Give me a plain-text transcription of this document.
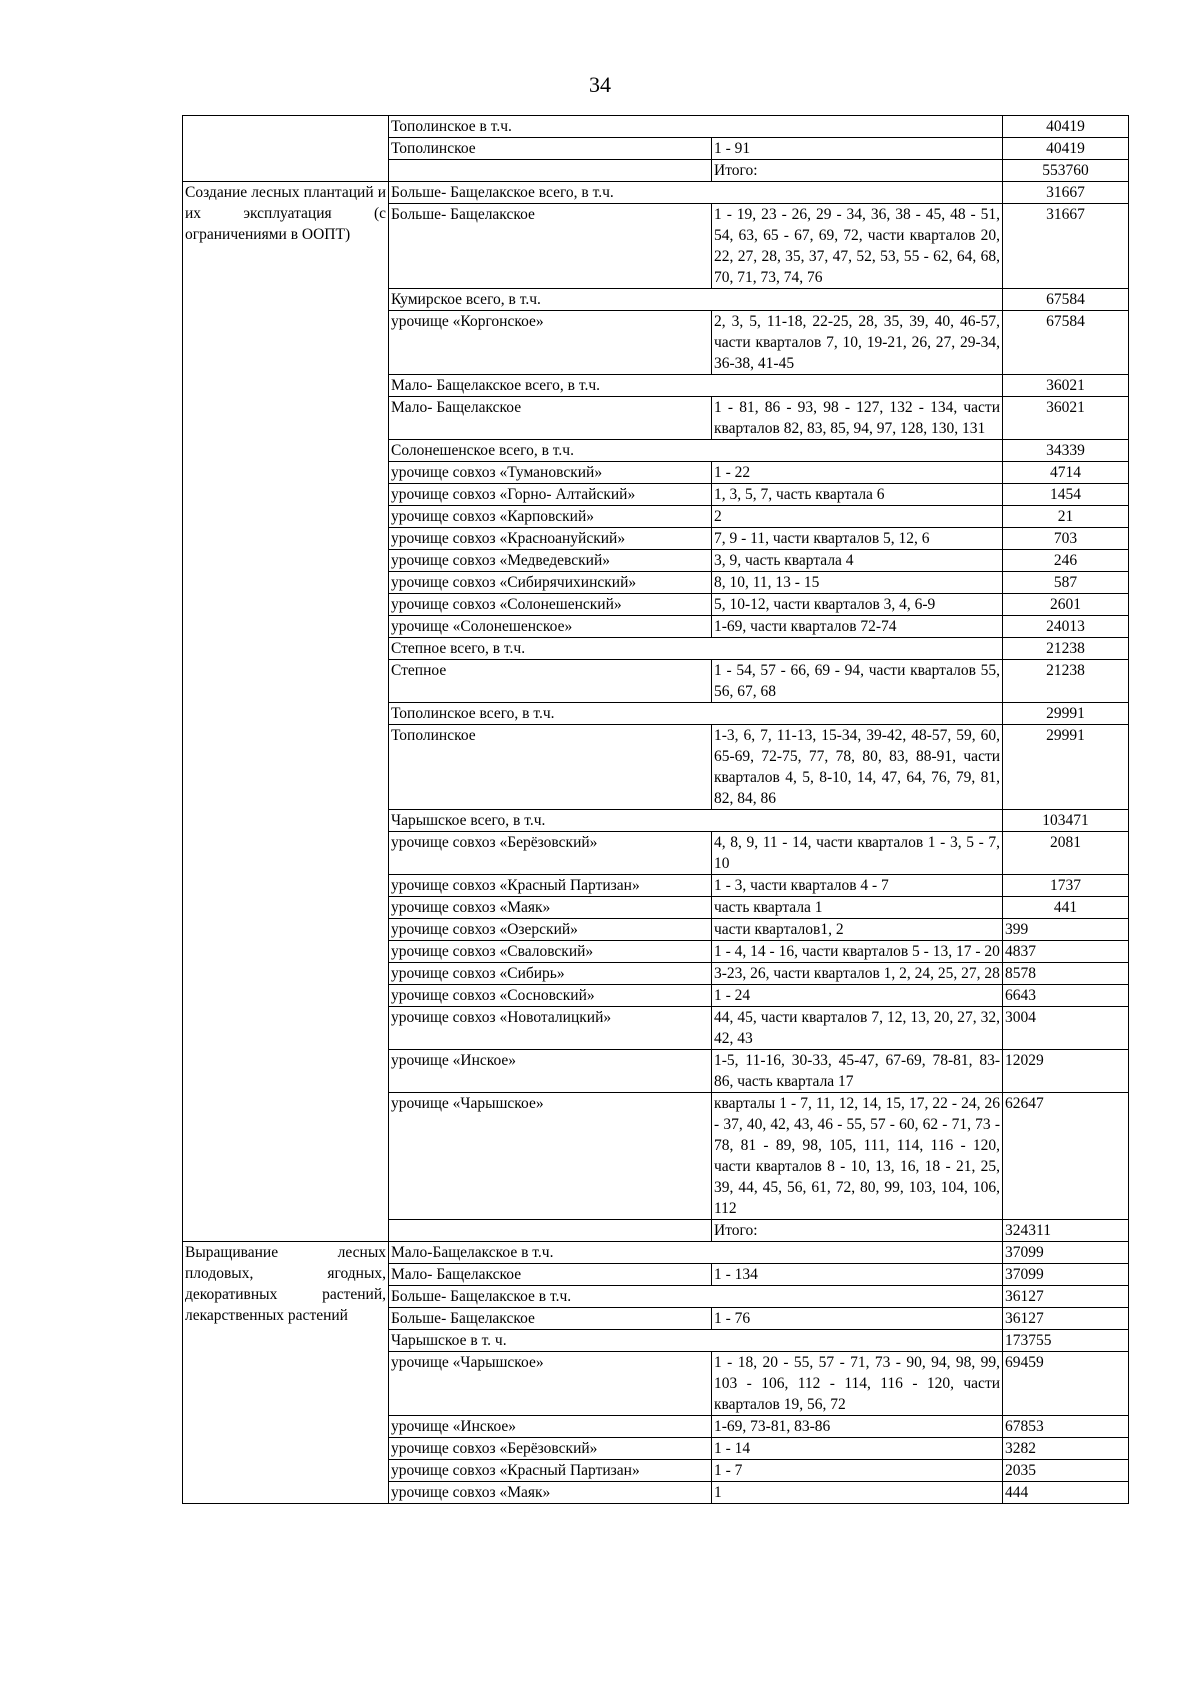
34
	Тополинское в т.ч.		40419
	Тополинское	1 - 91	40419
		Итого:	553760
Создание лесных плантаций и их эксплуатация (с ограничениями в ООПТ)	Больше- Бащелакское всего, в т.ч.		31667
	Больше- Бащелакское	1 - 19, 23 - 26, 29 - 34, 36, 38 - 45, 48 - 51, 54, 63, 65 - 67, 69, 72, части кварталов 20, 22, 27, 28, 35, 37, 47, 52, 53, 55 - 62, 64, 68, 70, 71, 73, 74, 76	31667
	Кумирское всего, в т.ч.		67584
	урочище «Коргонское»	2, 3, 5, 11-18, 22-25, 28, 35, 39, 40, 46-57, части кварталов 7, 10, 19-21, 26, 27, 29-34, 36-38, 41-45	67584
	Мало- Бащелакское всего, в т.ч.		36021
	Мало- Бащелакское	1 - 81, 86 - 93, 98 - 127, 132 - 134, части кварталов 82, 83, 85, 94, 97, 128, 130, 131	36021
	Солонешенское всего, в т.ч.		34339
	урочище совхоз «Тумановский»	1 - 22	4714
	урочище совхоз «Горно- Алтайский»	1, 3, 5, 7, часть квартала 6	1454
	урочище совхоз «Карповский»	2	21
	урочище совхоз «Красноануйский»	7, 9 - 11, части кварталов 5, 12, 6	703
	урочище совхоз «Медведевский»	3, 9, часть квартала 4	246
	урочище совхоз «Сибирячихинский»	8, 10, 11, 13 - 15	587
	урочище совхоз «Солонешенский»	5, 10-12, части кварталов 3, 4, 6-9	2601
	урочище «Солонешенское»	1-69, части кварталов 72-74	24013
	Степное всего, в т.ч.		21238
	Степное	1 - 54, 57 - 66, 69 - 94, части кварталов 55, 56, 67, 68	21238
	Тополинское всего, в т.ч.		29991
	Тополинское	1-3, 6, 7, 11-13, 15-34, 39-42, 48-57, 59, 60, 65-69, 72-75, 77, 78, 80, 83, 88-91, части кварталов 4, 5, 8-10, 14, 47, 64, 76, 79, 81, 82, 84, 86	29991
	Чарышское всего, в т.ч.		103471
	урочище совхоз «Берёзовский»	4, 8, 9, 11 - 14, части кварталов 1 - 3, 5 - 7, 10	2081
	урочище совхоз «Красный Партизан»	1 - 3, части кварталов 4 - 7	1737
	урочище совхоз «Маяк»	часть квартала 1	441
	урочище совхоз «Озерский»	части кварталов1, 2	399
	урочище совхоз «Сваловский»	1 - 4, 14 - 16, части кварталов 5 - 13, 17 - 20	4837
	урочище совхоз «Сибирь»	3-23, 26, части кварталов 1, 2, 24, 25, 27, 28	8578
	урочище совхоз «Сосновский»	1 - 24	6643
	урочище совхоз «Новоталицкий»	44, 45, части кварталов 7, 12, 13, 20, 27, 32, 42, 43	3004
	урочище «Инское»	1-5, 11-16, 30-33, 45-47, 67-69, 78-81, 83-86, часть квартала 17	12029
	урочище «Чарышское»	кварталы 1 - 7, 11, 12, 14, 15, 17, 22 - 24, 26 - 37, 40, 42, 43, 46 - 55, 57 - 60, 62 - 71, 73 - 78, 81 - 89, 98, 105, 111, 114, 116 - 120, части кварталов 8 - 10, 13, 16, 18 - 21, 25, 39, 44, 45, 56, 61, 72, 80, 99, 103, 104, 106, 112	62647
		Итого:	324311
Выращивание лесных плодовых, ягодных, декоративных растений, лекарственных растений	Мало-Бащелакское в т.ч.		37099
	Мало- Бащелакское	1 - 134	37099
	Больше- Бащелакское в т.ч.		36127
	Больше- Бащелакское	1 - 76	36127
	Чарышское в т. ч.		173755
	урочище «Чарышское»	1 - 18, 20 - 55, 57 - 71, 73 - 90, 94, 98, 99, 103 - 106, 112 - 114, 116 - 120, части кварталов 19, 56, 72	69459
	урочище «Инское»	1-69, 73-81, 83-86	67853
	урочище совхоз «Берёзовский»	1 - 14	3282
	урочище совхоз «Красный Партизан»	1 - 7	2035
	урочище совхоз «Маяк»	1	444
